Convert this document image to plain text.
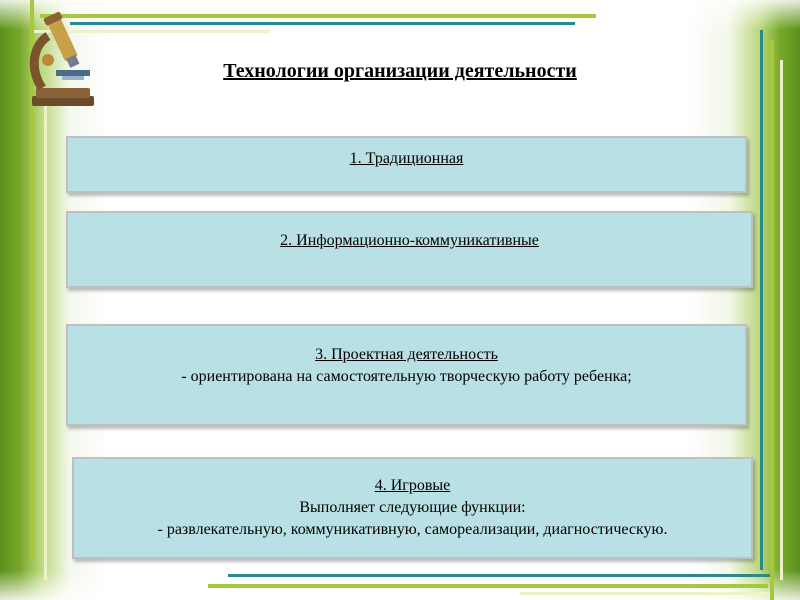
Технологии организации деятельности
1. Традиционная
2. Информационно-коммуникативные
3. Проектная деятельность
- ориентирована на самостоятельную творческую работу ребенка;
4. Игровые
Выполняет следующие функции:
- развлекательную, коммуникативную, самореализации, диагностическую.
